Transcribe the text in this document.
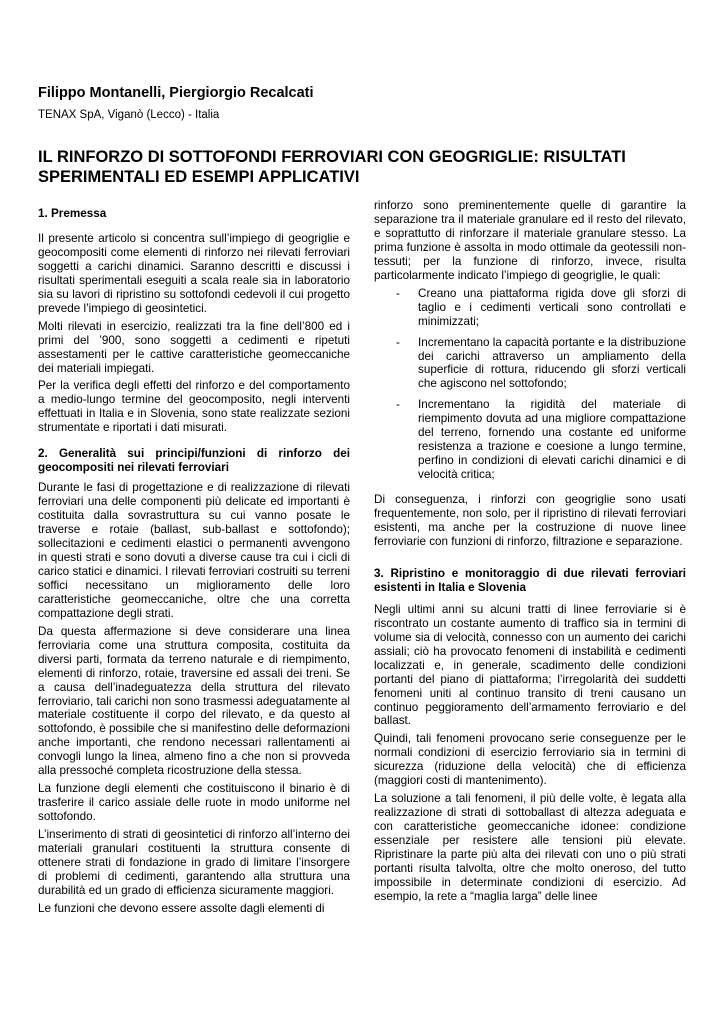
Filippo Montanelli, Piergiorgio Recalcati
TENAX SpA, Viganò (Lecco) - Italia
IL RINFORZO DI SOTTOFONDI FERROVIARI CON GEOGRIGLIE: RISULTATI SPERIMENTALI ED ESEMPI APPLICATIVI
1. Premessa

Il presente articolo si concentra sull’impiego di geogriglie e geocompositi come elementi di rinforzo nei rilevati ferroviari soggetti a carichi dinamici. Saranno descritti e discussi i risultati sperimentali eseguiti a scala reale sia in laboratorio sia su lavori di ripristino su sottofondi cedevoli il cui progetto prevede l’impiego di geosintetici.

Molti rilevati in esercizio, realizzati tra la fine dell’800 ed i primi del ’900, sono soggetti a cedimenti e ripetuti assestamenti per le cattive caratteristiche geomeccaniche dei materiali impiegati.

Per la verifica degli effetti del rinforzo e del comportamento a medio-lungo termine del geocomposito, negli interventi effettuati in Italia e in Slovenia, sono state realizzate sezioni strumentate e riportati i dati misurati.

2. Generalità sui principi/funzioni di rinforzo dei geocompositi nei rilevati ferroviari

Durante le fasi di progettazione e di realizzazione di rilevati ferroviari una delle componenti più delicate ed importanti è costituita dalla sovrastruttura su cui vanno posate le traverse e rotaie (ballast, sub-ballast e sottofondo); sollecitazioni e cedimenti elastici o permanenti avvengono in questi strati e sono dovuti a diverse cause tra cui i cicli di carico statici e dinamici. I rilevati ferroviari costruiti su terreni soffici necessitano un miglioramento delle loro caratteristiche geomeccaniche, oltre che una corretta compattazione degli strati.

Da questa affermazione si deve considerare una linea ferroviaria come una struttura composita, costituita da diversi parti, formata da terreno naturale e di riempimento, elementi di rinforzo, rotaie, traversine ed assali dei treni. Se a causa dell’inadeguatezza della struttura del rilevato ferroviario, tali carichi non sono trasmessi adeguatamente al materiale costituente il corpo del rilevato, e da questo al sottofondo, è possibile che si manifestino delle deformazioni anche importanti, che rendono necessari rallentamenti ai convogli lungo la linea, almeno fino a che non si provveda alla pressoché completa ricostruzione della stessa.

La funzione degli elementi che costituiscono il binario è di trasferire il carico assiale delle ruote in modo uniforme nel sottofondo.

L’inserimento di strati di geosintetici di rinforzo all’interno dei materiali granulari costituenti la struttura consente di ottenere strati di fondazione in grado di limitare l’insorgere di problemi di cedimenti, garantendo alla struttura una durabilità ed un grado di efficienza sicuramente maggiori.

Le funzioni che devono essere assolte dagli elementi di

rinforzo sono preminentemente quelle di garantire la separazione tra il materiale granulare ed il resto del rilevato, e soprattutto di rinforzare il materiale granulare stesso. La prima funzione è assolta in modo ottimale da geotessili non-tessuti; per la funzione di rinforzo, invece, risulta particolarmente indicato l’impiego di geogriglie, le quali:

- Creano una piattaforma rigida dove gli sforzi di taglio e i cedimenti verticali sono controllati e minimizzati;
- Incrementano la capacità portante e la distribuzione dei carichi attraverso un ampliamento della superficie di rottura, riducendo gli sforzi verticali che agiscono nel sottofondo;
- Incrementano la rigidità del materiale di riempimento dovuta ad una migliore compattazione del terreno, fornendo una costante ed uniforme resistenza a trazione e coesione a lungo termine, perfino in condizioni di elevati carichi dinamici e di velocità critica;

Di conseguenza, i rinforzi con geogriglie sono usati frequentemente, non solo, per il ripristino di rilevati ferroviari esistenti, ma anche per la costruzione di nuove linee ferroviarie con funzioni di rinforzo, filtrazione e separazione.

3. Ripristino e monitoraggio di due rilevati ferroviari esistenti in Italia e Slovenia

Negli ultimi anni su alcuni tratti di linee ferroviarie si è riscontrato un costante aumento di traffico sia in termini di volume sia di velocità, connesso con un aumento dei carichi assiali; ciò ha provocato fenomeni di instabilità e cedimenti localizzati e, in generale, scadimento delle condizioni portanti del piano di piattaforma; l’irregolarità dei suddetti fenomeni uniti al continuo transito di treni causano un continuo peggioramento dell’armamento ferroviario e del ballast.

Quindi, tali fenomeni provocano serie conseguenze per le normali condizioni di esercizio ferroviario sia in termini di sicurezza (riduzione della velocità) che di efficienza (maggiori costi di mantenimento).

La soluzione a tali fenomeni, il più delle volte, è legata alla realizzazione di strati di sottoballast di altezza adeguata e con caratteristiche geomeccaniche idonee: condizione essenziale per resistere alle tensioni più elevate. Ripristinare la parte più alta dei rilevati con uno o più strati portanti risulta talvolta, oltre che molto oneroso, del tutto impossibile in determinate condizioni di esercizio. Ad esempio, la rete a “maglia larga” delle linee
